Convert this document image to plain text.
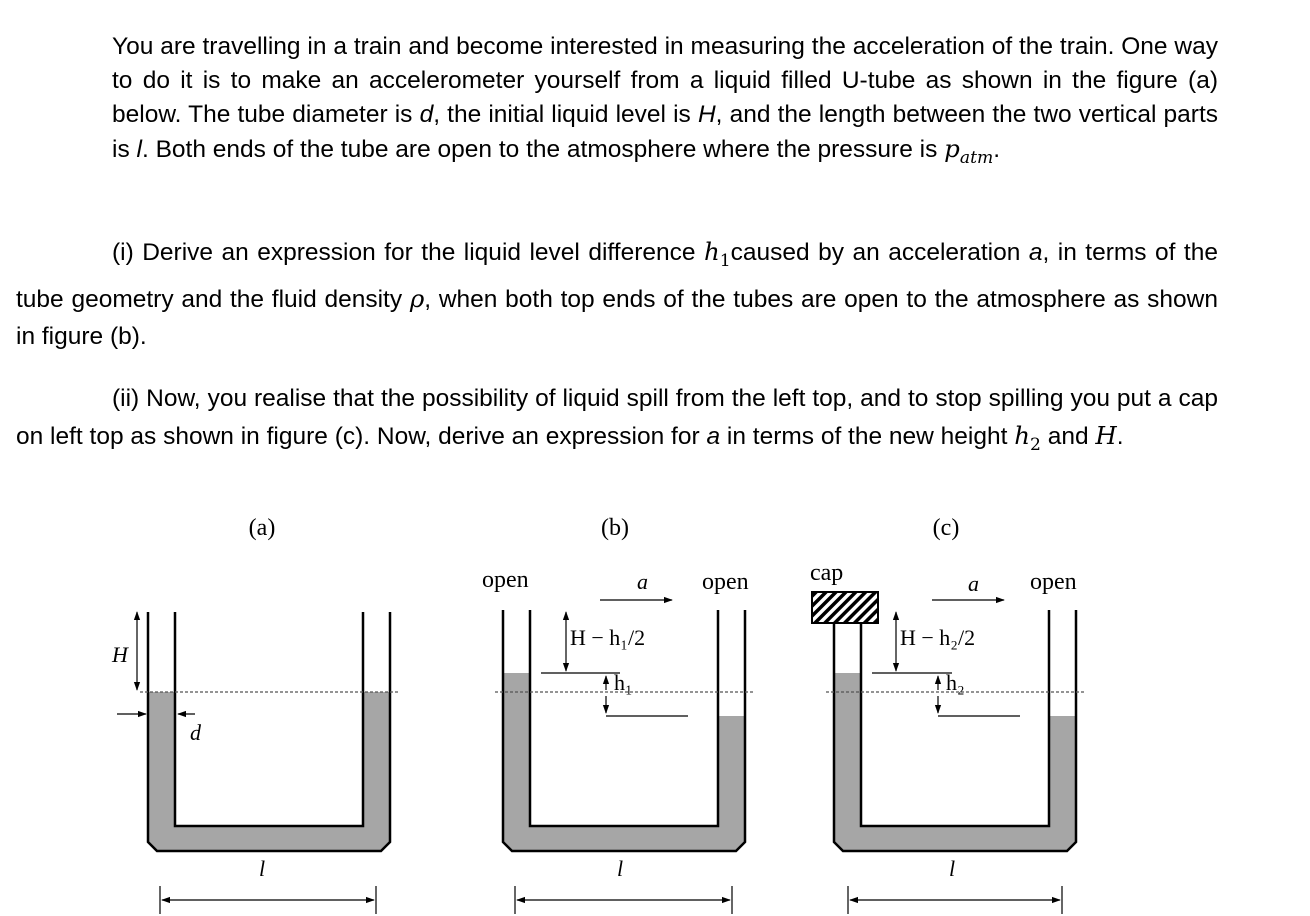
You are travelling in a train and become interested in measuring the acceleration of the train. One way to do it is to make an accelerometer yourself from a liquid filled U-tube as shown in the figure (a) below. The tube diameter is d, the initial liquid level is H, and the length between the two vertical parts is l. Both ends of the tube are open to the atmosphere where the pressure is $p_{atm}$.

(i) Derive an expression for the liquid level difference $h_1caused$ by an acceleration a, in terms of the tube geometry and the fluid density ρ, when both top ends of the tubes are open to the atmosphere as shown in figure (b).

(ii) Now, you realise that the possibility of liquid spill from the left top, and to stop spilling you put a cap on left top as shown in figure (c). Now, derive an expression for a in terms of the new height $h_2$ and H.

(a)
H
d
l
(b)
open	open
a
H − h₁/2
h₁
l
(c)
cap	open
a
H − h₂/2
h₂
l
